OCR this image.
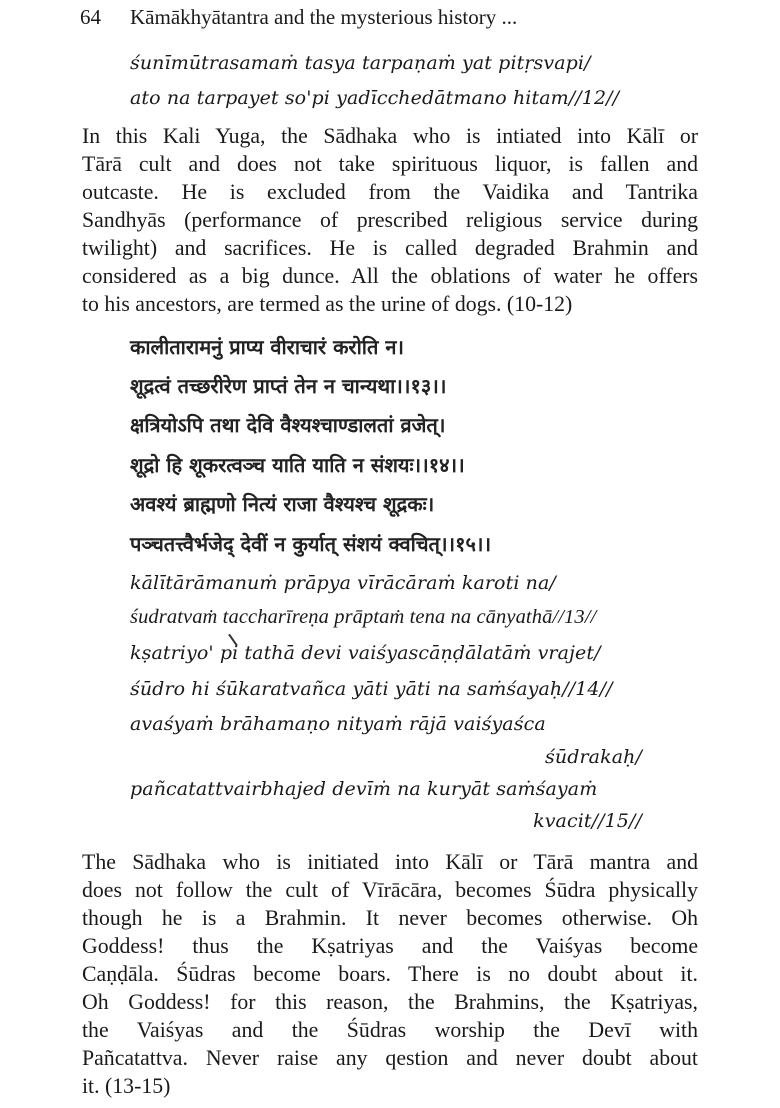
64 Kāmākhyātantra and the mysterious history ...
śunīmūtrasamaṁ tasya tarpaṇaṁ yat pitṛsvapi/
ato na tarpayet so'pi yadīcchedātmano hitam//12//
In this Kali Yuga, the Sādhaka who is intiated into Kālī or
Tārā cult and does not take spirituous liquor, is fallen and
outcaste. He is excluded from the Vaidika and Tantrika
Sandhyās (performance of prescribed religious service during
twilight) and sacrifices. He is called degraded Brahmin and
considered as a big dunce. All the oblations of water he offers
to his ancestors, are termed as the urine of dogs. (10-12)
कालीतारामनुं प्राप्य वीराचारं करोति न।
शूद्रत्वं तच्छरीरेण प्राप्तं तेन न चान्यथा।।१३।।
क्षत्रियोऽपि तथा देवि वैश्यश्चाण्डालतां व्रजेत्।
शूद्रो हि शूकरत्वञ्च याति याति न संशयः।।१४।।
अवश्यं ब्राह्मणो नित्यं राजा वैश्यश्च शूद्रकः।
पञ्चतत्त्वैर्भजेद् देवीं न कुर्यात् संशयं क्वचित्।।१५।।
kālītārāmanuṁ prāpya vīrācāraṁ karoti na/
śudratvaṁ taccharīreṇa prāptaṁ tena na cānyathā//13//
kṣatriyo' pi tathā devi vaiśyascāṇḍālatāṁ vrajet/
śūdro hi śūkaratvañca yāti yāti na saṁśayaḥ//14//
avaśyaṁ brāhamaṇo nityaṁ rājā vaiśyaśca
śūdrakaḥ/
pañcatattvairbhajed devīṁ na kuryāt saṁśayaṁ
kvacit//15//
The Sādhaka who is initiated into Kālī or Tārā mantra and
does not follow the cult of Vīrācāra, becomes Śūdra physically
though he is a Brahmin. It never becomes otherwise. Oh
Goddess! thus the Kṣatriyas and the Vaiśyas become
Caṇḍāla. Śūdras become boars. There is no doubt about it.
Oh Goddess! for this reason, the Brahmins, the Kṣatriyas,
the Vaiśyas and the Śūdras worship the Devī with
Pañcatattva. Never raise any qestion and never doubt about
it. (13-15)
